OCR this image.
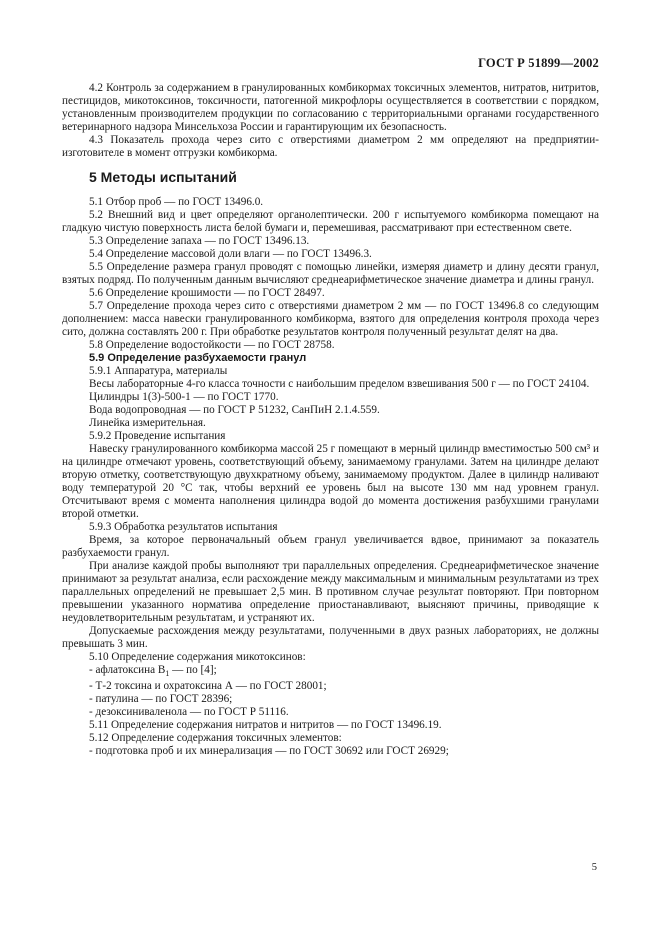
ГОСТ Р 51899—2002

4.2 Контроль за содержанием в гранулированных комбикормах токсичных элементов, нитратов, нитритов, пестицидов, микотоксинов, токсичности, патогенной микрофлоры осуществляется в соответствии с порядком, установленным производителем продукции по согласованию с территориальными органами государственного ветеринарного надзора Минсельхоза России и гарантирующим их безопасность.

4.3 Показатель прохода через сито с отверстиями диаметром 2 мм определяют на предприятии-изготовителе в момент отгрузки комбикорма.

5 Методы испытаний

5.1 Отбор проб — по ГОСТ 13496.0.

5.2 Внешний вид и цвет определяют органолептически. 200 г испытуемого комбикорма помещают на гладкую чистую поверхность листа белой бумаги и, перемешивая, рассматривают при естественном свете.

5.3 Определение запаха — по ГОСТ 13496.13.

5.4 Определение массовой доли влаги — по ГОСТ 13496.3.

5.5 Определение размера гранул проводят с помощью линейки, измеряя диаметр и длину десяти гранул, взятых подряд. По полученным данным вычисляют среднеарифметическое значение диаметра и длины гранул.

5.6 Определение крошимости — по ГОСТ 28497.

5.7 Определение прохода через сито с отверстиями диаметром 2 мм — по ГОСТ 13496.8 со следующим дополнением: масса навески гранулированного комбикорма, взятого для определения контроля прохода через сито, должна составлять 200 г. При обработке результатов контроля полученный результат делят на два.

5.8 Определение водостойкости — по ГОСТ 28758.

5.9 Определение разбухаемости гранул

5.9.1 Аппаратура, материалы

Весы лабораторные 4-го класса точности с наибольшим пределом взвешивания 500 г — по ГОСТ 24104.

Цилиндры 1(3)-500-1 — по ГОСТ 1770.

Вода водопроводная — по ГОСТ Р 51232, СанПиН 2.1.4.559.

Линейка измерительная.

5.9.2 Проведение испытания

Навеску гранулированного комбикорма массой 25 г помещают в мерный цилиндр вместимостью 500 см³ и на цилиндре отмечают уровень, соответствующий объему, занимаемому гранулами. Затем на цилиндре делают вторую отметку, соответствующую двухкратному объему, занимаемому продуктом. Далее в цилиндр наливают воду температурой 20 °С так, чтобы верхний ее уровень был на высоте 130 мм над уровнем гранул. Отсчитывают время с момента наполнения цилиндра водой до момента достижения разбухшими гранулами второй отметки.

5.9.3 Обработка результатов испытания

Время, за которое первоначальный объем гранул увеличивается вдвое, принимают за показатель разбухаемости гранул.

При анализе каждой пробы выполняют три параллельных определения. Среднеарифметическое значение принимают за результат анализа, если расхождение между максимальным и минимальным результатами из трех параллельных определений не превышает 2,5 мин. В противном случае результат повторяют. При повторном превышении указанного норматива определение приостанавливают, выясняют причины, приводящие к неудовлетворительным результатам, и устраняют их.

Допускаемые расхождения между результатами, полученными в двух разных лабораториях, не должны превышать 3 мин.

5.10 Определение содержания микотоксинов:

- афлатоксина $B_1$ — по [4];

- Т-2 токсина и охратоксина А — по ГОСТ 28001;

- патулина — по ГОСТ 28396;

- дезоксиниваленола — по ГОСТ Р 51116.

5.11 Определение содержания нитратов и нитритов — по ГОСТ 13496.19.

5.12 Определение содержания токсичных элементов:

- подготовка проб и их минерализация — по ГОСТ 30692 или ГОСТ 26929;

5
